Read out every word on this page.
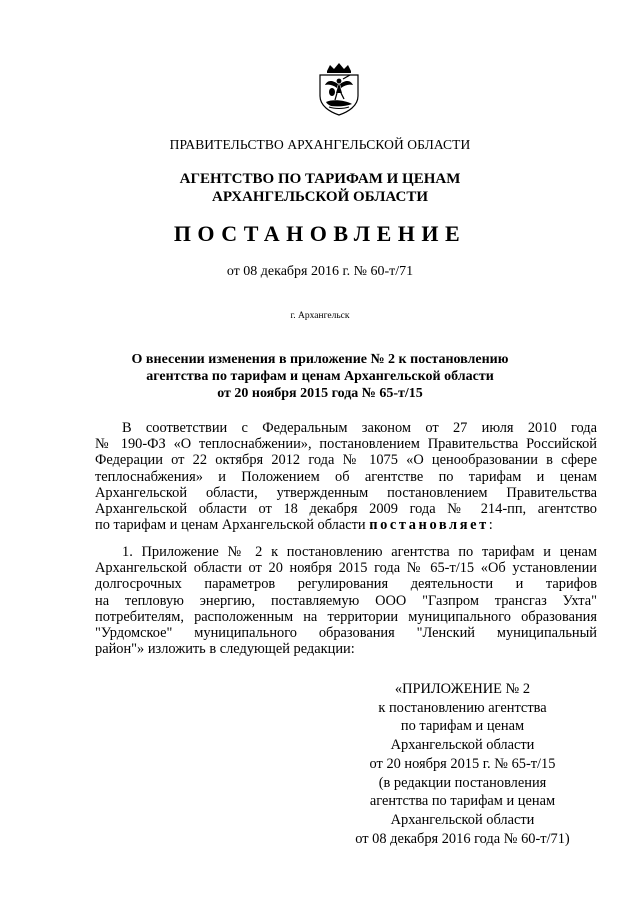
ПРАВИТЕЛЬСТВО АРХАНГЕЛЬСКОЙ ОБЛАСТИ
АГЕНТСТВО ПО ТАРИФАМ И ЦЕНАМ
АРХАНГЕЛЬСКОЙ ОБЛАСТИ
ПОСТАНОВЛЕНИЕ
от 08 декабря 2016 г. № 60-т/71
г. Архангельск
О внесении изменения в приложение № 2 к постановлению
агентства по тарифам и ценам Архангельской области
от 20 ноября 2015 года № 65-т/15
В соответствии с Федеральным законом от 27 июля 2010 года
№ 190-ФЗ «О теплоснабжении», постановлением Правительства Российской
Федерации от 22 октября 2012 года № 1075 «О ценообразовании в сфере
теплоснабжения» и Положением об агентстве по тарифам и ценам
Архангельской области, утвержденным постановлением Правительства
Архангельской области от 18 декабря 2009 года № 214-пп, агентство
по тарифам и ценам Архангельской области постановляет:
1. Приложение № 2 к постановлению агентства по тарифам и ценам
Архангельской области от 20 ноября 2015 года № 65-т/15 «Об установлении
долгосрочных параметров регулирования деятельности и тарифов
на тепловую энергию, поставляемую ООО "Газпром трансгаз Ухта"
потребителям, расположенным на территории муниципального образования
"Урдомское" муниципального образования "Ленский муниципальный
район"» изложить в следующей редакции:
«ПРИЛОЖЕНИЕ № 2
к постановлению агентства
по тарифам и ценам
Архангельской области
от 20 ноября 2015 г. № 65-т/15
(в редакции постановления
агентства по тарифам и ценам
Архангельской области
от 08 декабря 2016 года № 60-т/71)
